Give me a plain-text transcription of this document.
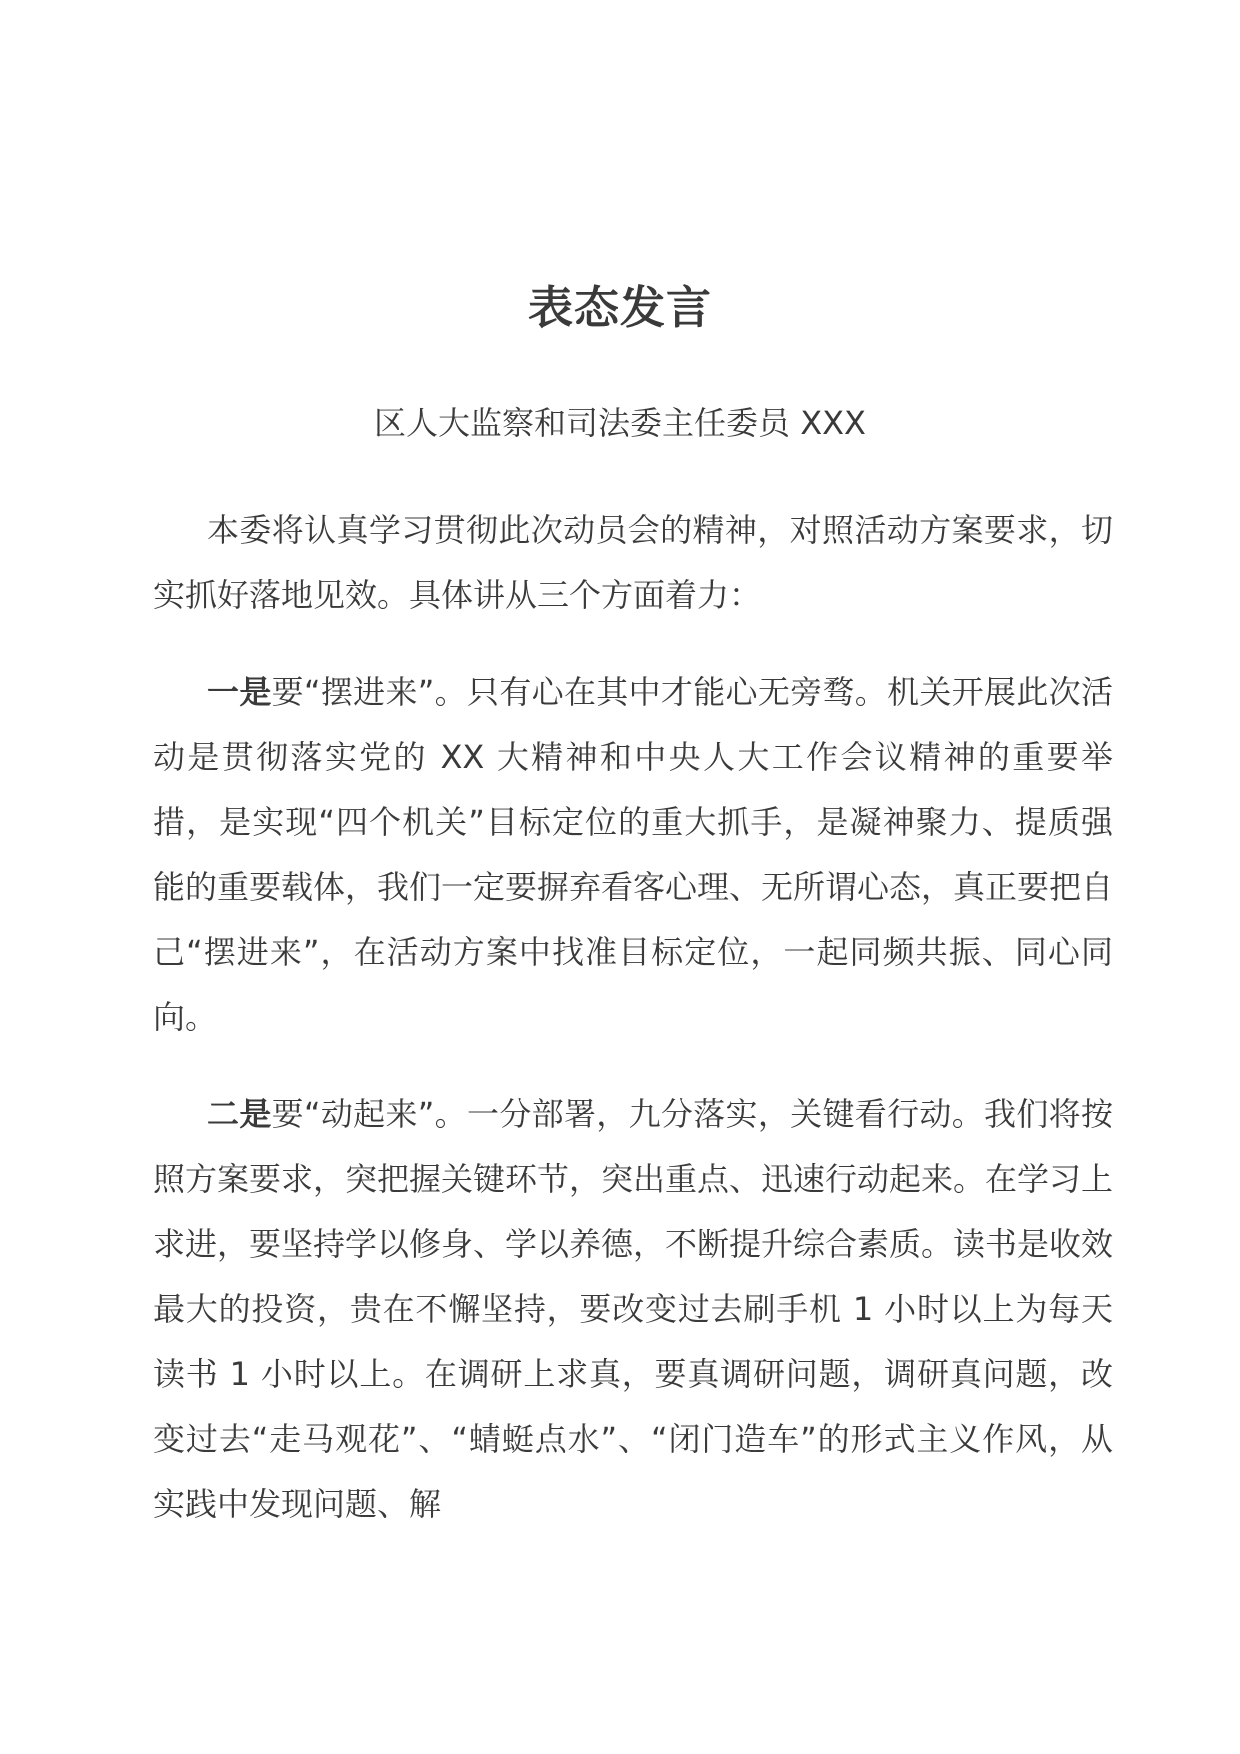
表态发言
区人大监察和司法委主任委员 XXX

本委将认真学习贯彻此次动员会的精神，对照活动方案要求，切实抓好落地见效。具体讲从三个方面着力：

一是要“摆进来”。只有心在其中才能心无旁骛。机关开展此次活动是贯彻落实党的 XX 大精神和中央人大工作会议精神的重要举措，是实现“四个机关”目标定位的重大抓手，是凝神聚力、提质强能的重要载体，我们一定要摒弃看客心理、无所谓心态，真正要把自己“摆进来”，在活动方案中找准目标定位，一起同频共振、同心同向。

二是要“动起来”。一分部署，九分落实，关键看行动。我们将按照方案要求，突把握关键环节，突出重点、迅速行动起来。在学习上求进，要坚持学以修身、学以养德，不断提升综合素质。读书是收效最大的投资，贵在不懈坚持，要改变过去刷手机 1 小时以上为每天读书 1 小时以上。在调研上求真，要真调研问题，调研真问题，改变过去“走马观花”、“蜻蜓点水”、“闭门造车”的形式主义作风，从实践中发现问题、解
